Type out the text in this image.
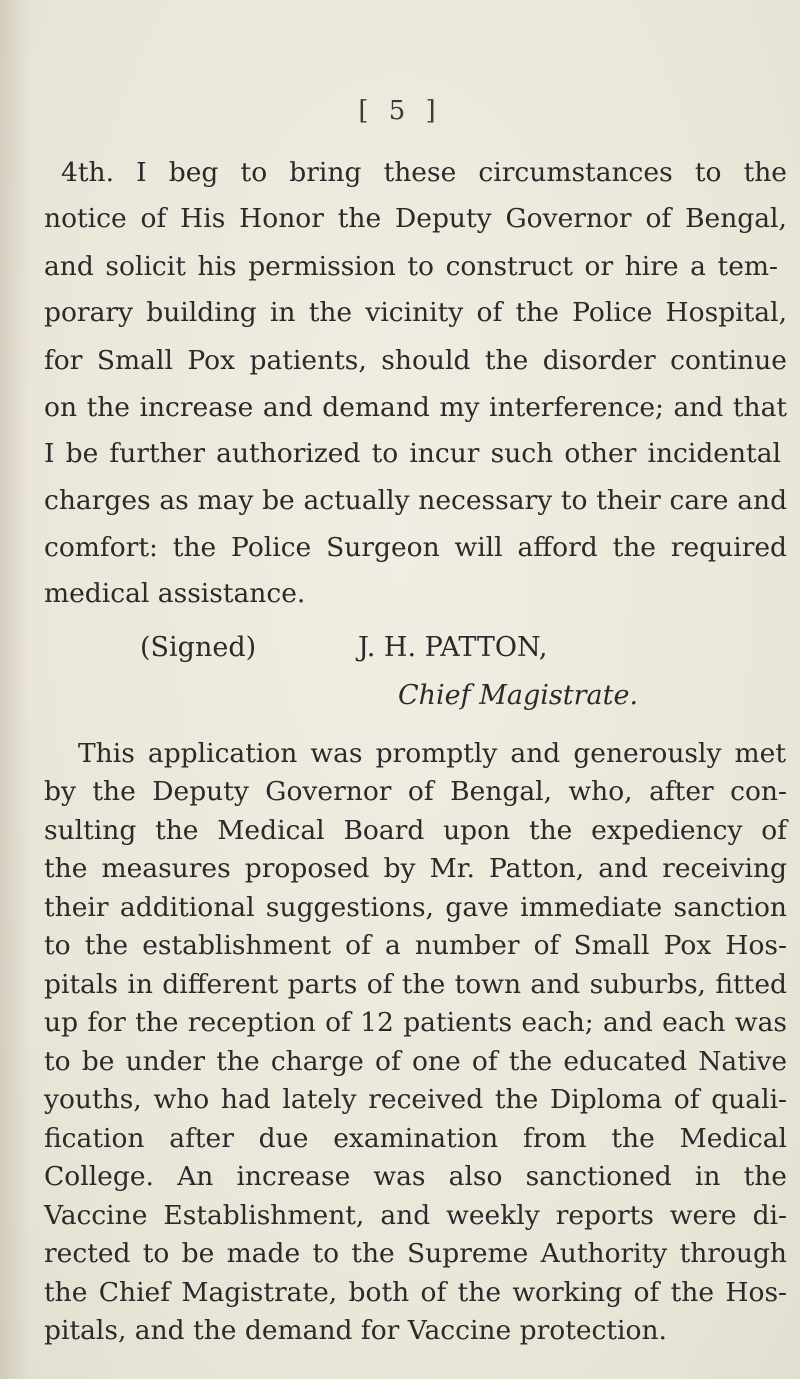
[ 5 ]
4th. I beg to bring these circumstances to the
notice of His Honor the Deputy Governor of Bengal,
and solicit his permission to construct or hire a tem-
porary building in the vicinity of the Police Hospital,
for Small Pox patients, should the disorder continue
on the increase and demand my interference; and that
I be further authorized to incur such other incidental
charges as may be actually necessary to their care and
comfort: the Police Surgeon will afford the required
medical assistance.
(Signed)	J. H. PATTON,
Chief Magistrate.
This application was promptly and generously met
by the Deputy Governor of Bengal, who, after con-
sulting the Medical Board upon the expediency of
the measures proposed by Mr. Patton, and receiving
their additional suggestions, gave immediate sanction
to the establishment of a number of Small Pox Hos-
pitals in different parts of the town and suburbs, fitted
up for the reception of 12 patients each; and each was
to be under the charge of one of the educated Native
youths, who had lately received the Diploma of quali-
fication after due examination from the Medical
College. An increase was also sanctioned in the
Vaccine Establishment, and weekly reports were di-
rected to be made to the Supreme Authority through
the Chief Magistrate, both of the working of the Hos-
pitals, and the demand for Vaccine protection.
